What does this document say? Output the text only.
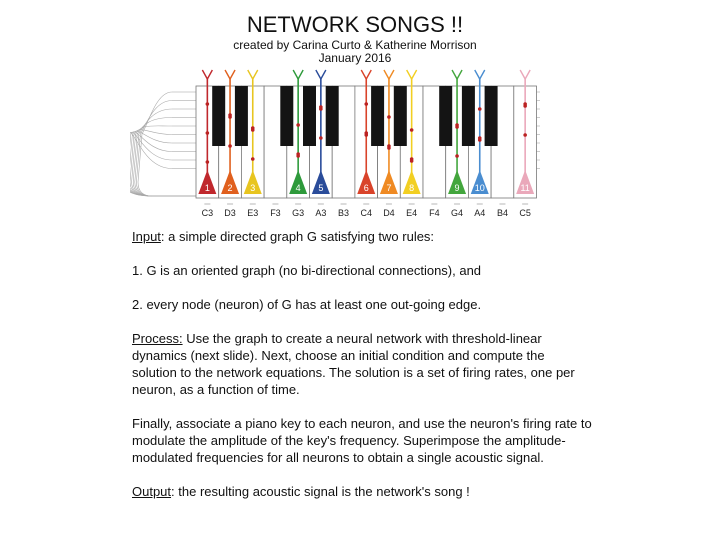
NETWORK SONGS !!
created by Carina Curto & Katherine Morrison
January 2016
1 2 3	4 5	6 7 8	9 10	11
C3 D3 E3 F3 G3 A3 B3 C4 D4 E4 F4 G4 A4 B4 C5

Input: a simple directed graph G satisfying two rules:

1. G is an oriented graph (no bi-directional connections), and

2. every node (neuron) of G has at least one out-going edge.

Process: Use the graph to create a neural network with threshold-linear dynamics (next slide). Next, choose an initial condition and compute the solution to the network equations. The solution is a set of firing rates, one per neuron, as a function of time.

Finally, associate a piano key to each neuron, and use the neuron's firing rate to modulate the amplitude of the key's frequency. Superimpose the amplitude-modulated frequencies for all neurons to obtain a single acoustic signal.

Output: the resulting acoustic signal is the network's song !
